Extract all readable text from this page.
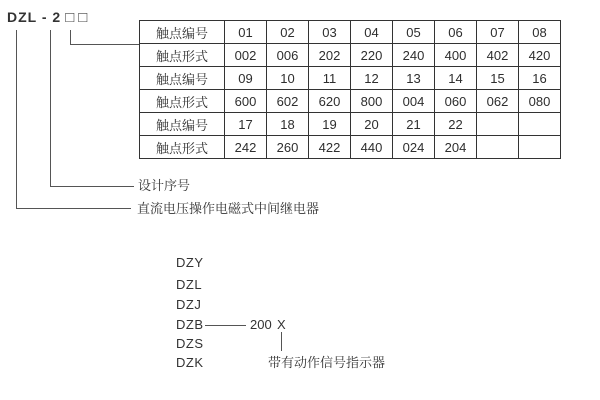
DZL - 2 □ □
触点编号	01	02	03	04	05	06	07	08
触点形式	002	006	202	220	240	400	402	420
触点编号	09	10	11	12	13	14	15	16
触点形式	600	602	620	800	004	060	062	080
触点编号	17	18	19	20	21	22		
触点形式	242	260	422	440	024	204		
设计序号
直流电压操作电磁式中间继电器
DZY
DZL
DZJ
DZB
DZS
DZK
200 X
带有动作信号指示器
